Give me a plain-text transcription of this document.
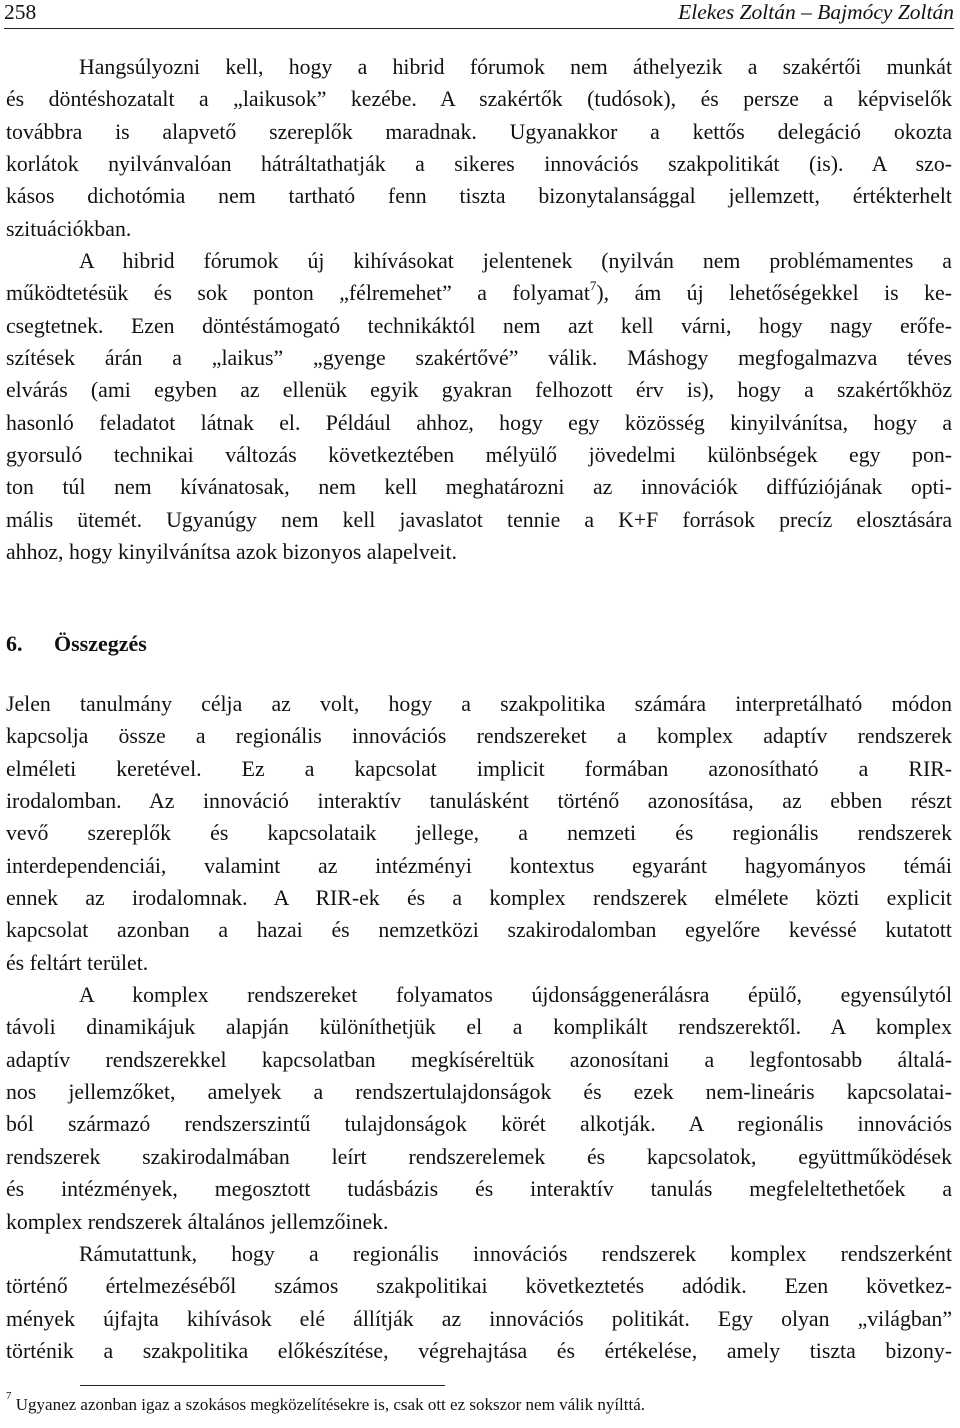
258	Elekes Zoltán – Bajmócy Zoltán
Hangsúlyozni kell, hogy a hibrid fórumok nem áthelyezik a szakértői munkát
és döntéshozatalt a „laikusok” kezébe. A szakértők (tudósok), és persze a képviselők
továbbra is alapvető szereplők maradnak. Ugyanakkor a kettős delegáció okozta
korlátok nyilvánvalóan hátráltathatják a sikeres innovációs szakpolitikát (is). A szo-
kásos dichotómia nem tartható fenn tiszta bizonytalansággal jellemzett, értékterhelt
szituációkban.
A hibrid fórumok új kihívásokat jelentenek (nyilván nem problémamentes a
működtetésük és sok ponton „félremehet” a folyamat$^7$), ám új lehetőségekkel is ke-
csegtetnek. Ezen döntéstámogató technikáktól nem azt kell várni, hogy nagy erőfe-
szítések árán a „laikus” „gyenge szakértővé” válik. Máshogy megfogalmazva téves
elvárás (ami egyben az ellenük egyik gyakran felhozott érv is), hogy a szakértőkhöz
hasonló feladatot látnak el. Például ahhoz, hogy egy közösség kinyilvánítsa, hogy a
gyorsuló technikai változás következtében mélyülő jövedelmi különbségek egy pon-
ton túl nem kívánatosak, nem kell meghatározni az innovációk diffúziójának opti-
mális ütemét. Ugyanúgy nem kell javaslatot tennie a K+F források precíz elosztására
ahhoz, hogy kinyilvánítsa azok bizonyos alapelveit.
6. Összegzés
Jelen tanulmány célja az volt, hogy a szakpolitika számára interpretálható módon
kapcsolja össze a regionális innovációs rendszereket a komplex adaptív rendszerek
elméleti keretével. Ez a kapcsolat implicit formában azonosítható a RIR-
irodalomban. Az innováció interaktív tanulásként történő azonosítása, az ebben részt
vevő szereplők és kapcsolataik jellege, a nemzeti és regionális rendszerek
interdependenciái, valamint az intézményi kontextus egyaránt hagyományos témái
ennek az irodalomnak. A RIR-ek és a komplex rendszerek elmélete közti explicit
kapcsolat azonban a hazai és nemzetközi szakirodalomban egyelőre kevéssé kutatott
és feltárt terület.
A komplex rendszereket folyamatos újdonsággenerálásra épülő, egyensúlytól
távoli dinamikájuk alapján különíthetjük el a komplikált rendszerektől. A komplex
adaptív rendszerekkel kapcsolatban megkíséreltük azonosítani a legfontosabb általá-
nos jellemzőket, amelyek a rendszertulajdonságok és ezek nem-lineáris kapcsolatai-
ból származó rendszerszintű tulajdonságok körét alkotják. A regionális innovációs
rendszerek szakirodalmában leírt rendszerelemek és kapcsolatok, együttműködések
és intézmények, megosztott tudásbázis és interaktív tanulás megfeleltethetőek a
komplex rendszerek általános jellemzőinek.
Rámutattunk, hogy a regionális innovációs rendszerek komplex rendszerként
történő értelmezéséből számos szakpolitikai következtetés adódik. Ezen következ-
mények újfajta kihívások elé állítják az innovációs politikát. Egy olyan „világban”
történik a szakpolitika előkészítése, végrehajtása és értékelése, amely tiszta bizony-
$^7$ Ugyanez azonban igaz a szokásos megközelítésekre is, csak ott ez sokszor nem válik nyílttá.
